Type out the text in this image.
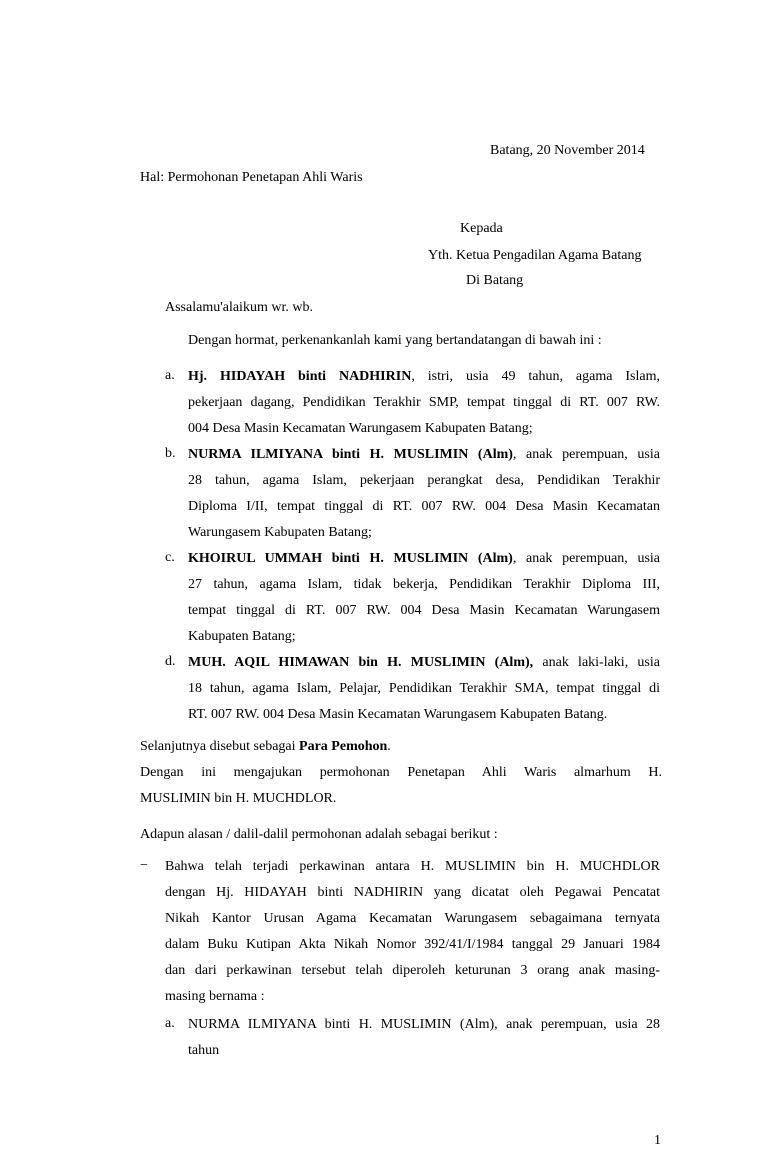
Batang, 20 November 2014
Hal: Permohonan Penetapan Ahli Waris
Kepada
Yth. Ketua Pengadilan Agama Batang
Di Batang
Assalamu'alaikum wr. wb.
Dengan hormat, perkenankanlah kami yang bertandatangan di bawah ini :
a. Hj. HIDAYAH binti NADHIRIN, istri, usia 49 tahun, agama Islam,
pekerjaan dagang, Pendidikan Terakhir SMP, tempat tinggal di RT. 007 RW.
004 Desa Masin Kecamatan Warungasem Kabupaten Batang;
b. NURMA ILMIYANA binti H. MUSLIMIN (Alm), anak perempuan, usia
28 tahun, agama Islam, pekerjaan perangkat desa, Pendidikan Terakhir
Diploma I/II, tempat tinggal di RT. 007 RW. 004 Desa Masin Kecamatan
Warungasem Kabupaten Batang;
c. KHOIRUL UMMAH binti H. MUSLIMIN (Alm), anak perempuan, usia
27 tahun, agama Islam, tidak bekerja, Pendidikan Terakhir Diploma III,
tempat tinggal di RT. 007 RW. 004 Desa Masin Kecamatan Warungasem
Kabupaten Batang;
d. MUH. AQIL HIMAWAN bin H. MUSLIMIN (Alm), anak laki-laki, usia
18 tahun, agama Islam, Pelajar, Pendidikan Terakhir SMA, tempat tinggal di
RT. 007 RW. 004 Desa Masin Kecamatan Warungasem Kabupaten Batang.
Selanjutnya disebut sebagai Para Pemohon.
Dengan ini mengajukan permohonan Penetapan Ahli Waris almarhum H.
MUSLIMIN bin H. MUCHDLOR.
Adapun alasan / dalil-dalil permohonan adalah sebagai berikut :
− Bahwa telah terjadi perkawinan antara H. MUSLIMIN bin H. MUCHDLOR
dengan Hj. HIDAYAH binti NADHIRIN yang dicatat oleh Pegawai Pencatat
Nikah Kantor Urusan Agama Kecamatan Warungasem sebagaimana ternyata
dalam Buku Kutipan Akta Nikah Nomor 392/41/I/1984 tanggal 29 Januari 1984
dan dari perkawinan tersebut telah diperoleh keturunan 3 orang anak masing-
masing bernama :
a. NURMA ILMIYANA binti H. MUSLIMIN (Alm), anak perempuan, usia 28
tahun
1
